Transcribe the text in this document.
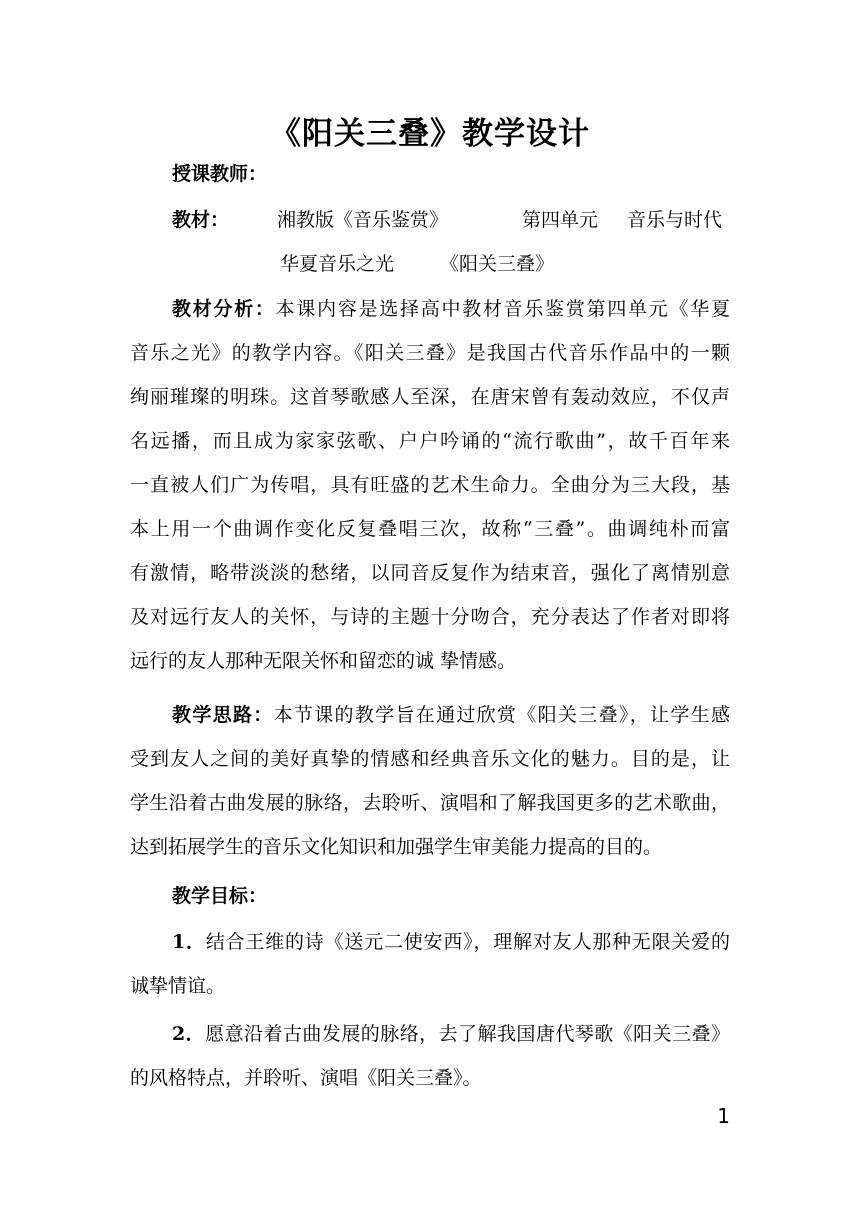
《阳关三叠》教学设计
授课教师：
教材：	湘教版《音乐鉴赏》	第四单元 音乐与时代
华夏音乐之光 《阳关三叠》
教材分析：本课内容是选择高中教材音乐鉴赏第四单元《华夏
音乐之光》的教学内容。《阳关三叠》是我国古代音乐作品中的一颗
绚丽璀璨的明珠。这首琴歌感人至深，在唐宋曾有轰动效应，不仅声
名远播，而且成为家家弦歌、户户吟诵的“流行歌曲”，故千百年来
一直被人们广为传唱，具有旺盛的艺术生命力。全曲分为三大段，基
本上用一个曲调作变化反复叠唱三次，故称“三叠”。曲调纯朴而富
有激情，略带淡淡的愁绪，以同音反复作为结束音，强化了离情别意
及对远行友人的关怀，与诗的主题十分吻合，充分表达了作者对即将
远行的友人那种无限关怀和留恋的诚 挚情感。
教学思路：本节课的教学旨在通过欣赏《阳关三叠》，让学生感
受到友人之间的美好真挚的情感和经典音乐文化的魅力。目的是，让
学生沿着古曲发展的脉络，去聆听、演唱和了解我国更多的艺术歌曲，
达到拓展学生的音乐文化知识和加强学生审美能力提高的目的。
教学目标：
1．结合王维的诗《送元二使安西》，理解对友人那种无限关爱的
诚挚情谊。
2．愿意沿着古曲发展的脉络，去了解我国唐代琴歌《阳关三叠》
的风格特点，并聆听、演唱《阳关三叠》。
1
